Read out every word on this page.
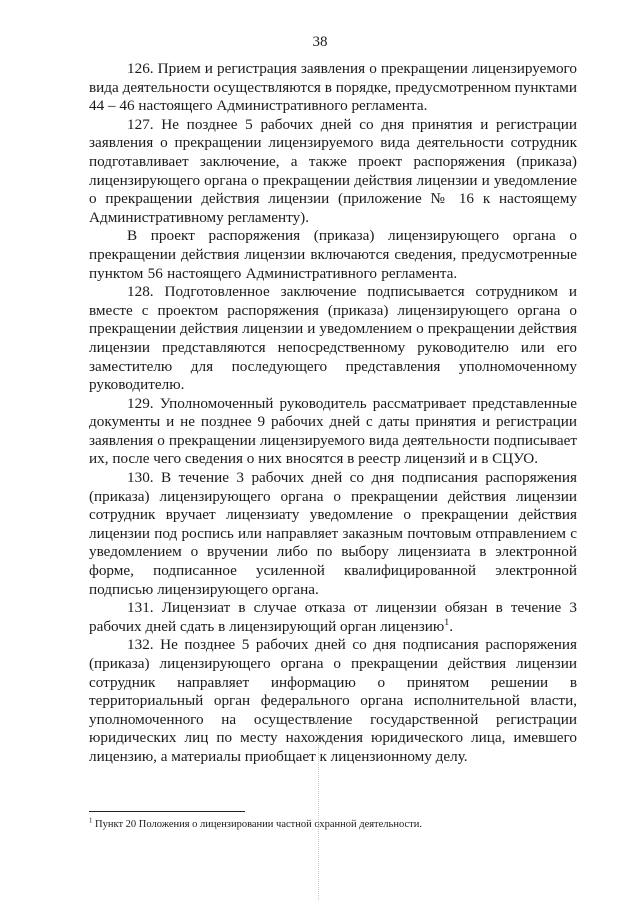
38

126. Прием и регистрация заявления о прекращении лицензируемого вида деятельности осуществляются в порядке, предусмотренном пунктами 44 – 46 настоящего Административного регламента.

127. Не позднее 5 рабочих дней со дня принятия и регистрации заявления о прекращении лицензируемого вида деятельности сотрудник подготавливает заключение, а также проект распоряжения (приказа) лицензирующего органа о прекращении действия лицензии и уведомление о прекращении действия лицензии (приложение № 16 к настоящему Административному регламенту).

В проект распоряжения (приказа) лицензирующего органа о прекращении действия лицензии включаются сведения, предусмотренные пунктом 56 настоящего Административного регламента.

128. Подготовленное заключение подписывается сотрудником и вместе с проектом распоряжения (приказа) лицензирующего органа о прекращении действия лицензии и уведомлением о прекращении действия лицензии представляются непосредственному руководителю или его заместителю для последующего представления уполномоченному руководителю.

129. Уполномоченный руководитель рассматривает представленные документы и не позднее 9 рабочих дней с даты принятия и регистрации заявления о прекращении лицензируемого вида деятельности подписывает их, после чего сведения о них вносятся в реестр лицензий и в СЦУО.

130. В течение 3 рабочих дней со дня подписания распоряжения (приказа) лицензирующего органа о прекращении действия лицензии сотрудник вручает лицензиату уведомление о прекращении действия лицензии под роспись или направляет заказным почтовым отправлением с уведомлением о вручении либо по выбору лицензиата в электронной форме, подписанное усиленной квалифицированной электронной подписью лицензирующего органа.

131. Лицензиат в случае отказа от лицензии обязан в течение 3 рабочих дней сдать в лицензирующий орган лицензию$^1$.

132. Не позднее 5 рабочих дней со дня подписания распоряжения (приказа) лицензирующего органа о прекращении действия лицензии сотрудник направляет информацию о принятом решении в территориальный орган федерального органа исполнительной власти, уполномоченного на осуществление государственной регистрации юридических лиц по месту нахождения юридического лица, имевшего лицензию, а материалы приобщает к лицензионному делу.

$^1$ Пункт 20 Положения о лицензировании частной охранной деятельности.
